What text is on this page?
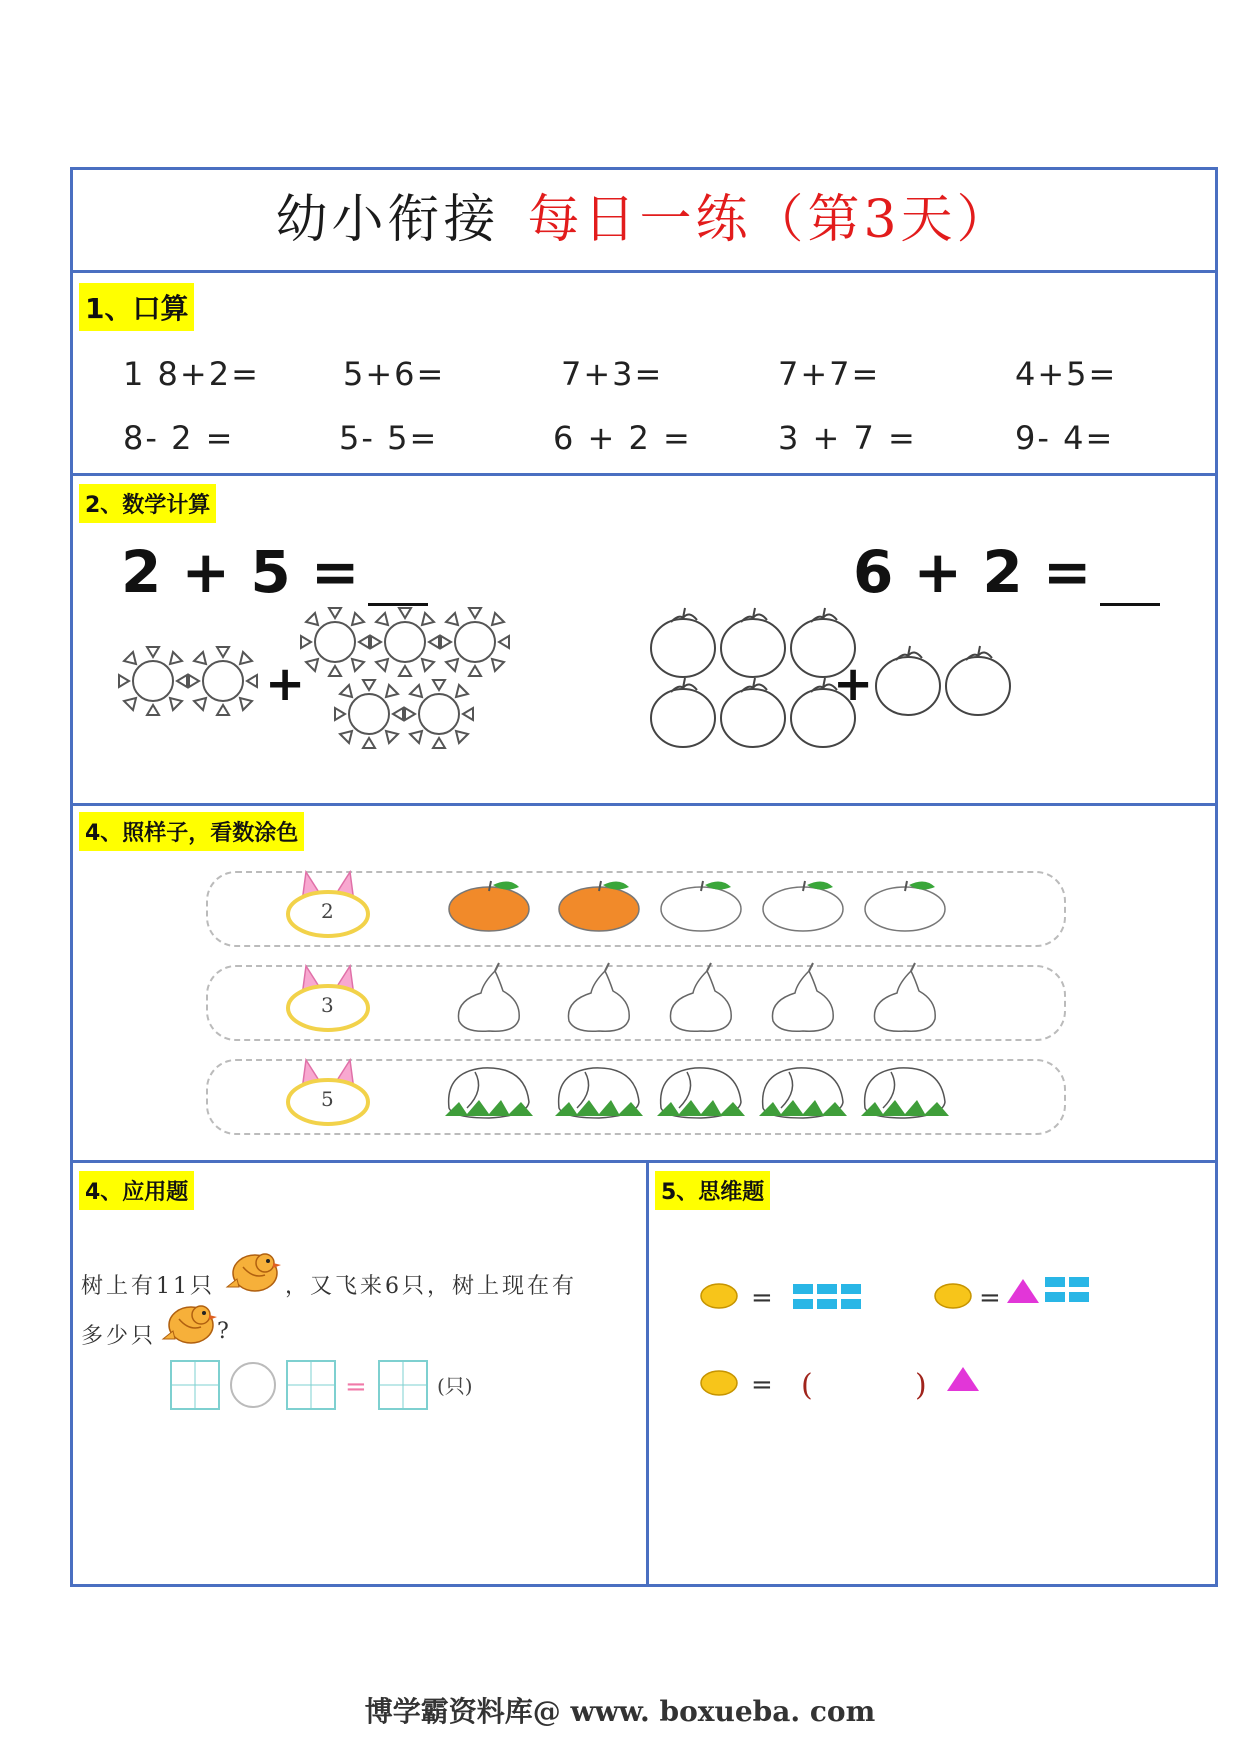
幼小衔接 每日一练（第3天）
1、口算
1 8+2=	5+6=	7+3=	7+7=	4+5=
8- 2 =	5- 5=	6 + 2 =	3 + 7 =	9- 4=
2、数学计算
2 + 5 =	6 + 2 =
+	+
4、照样子，看数涂色
2
3
5
4、应用题
树上有11只	，又飞来6只，树上现在有
多少只	?
=	(只)
5、思维题
=	=
= (	)
博学霸资料库@ www. boxueba. com
